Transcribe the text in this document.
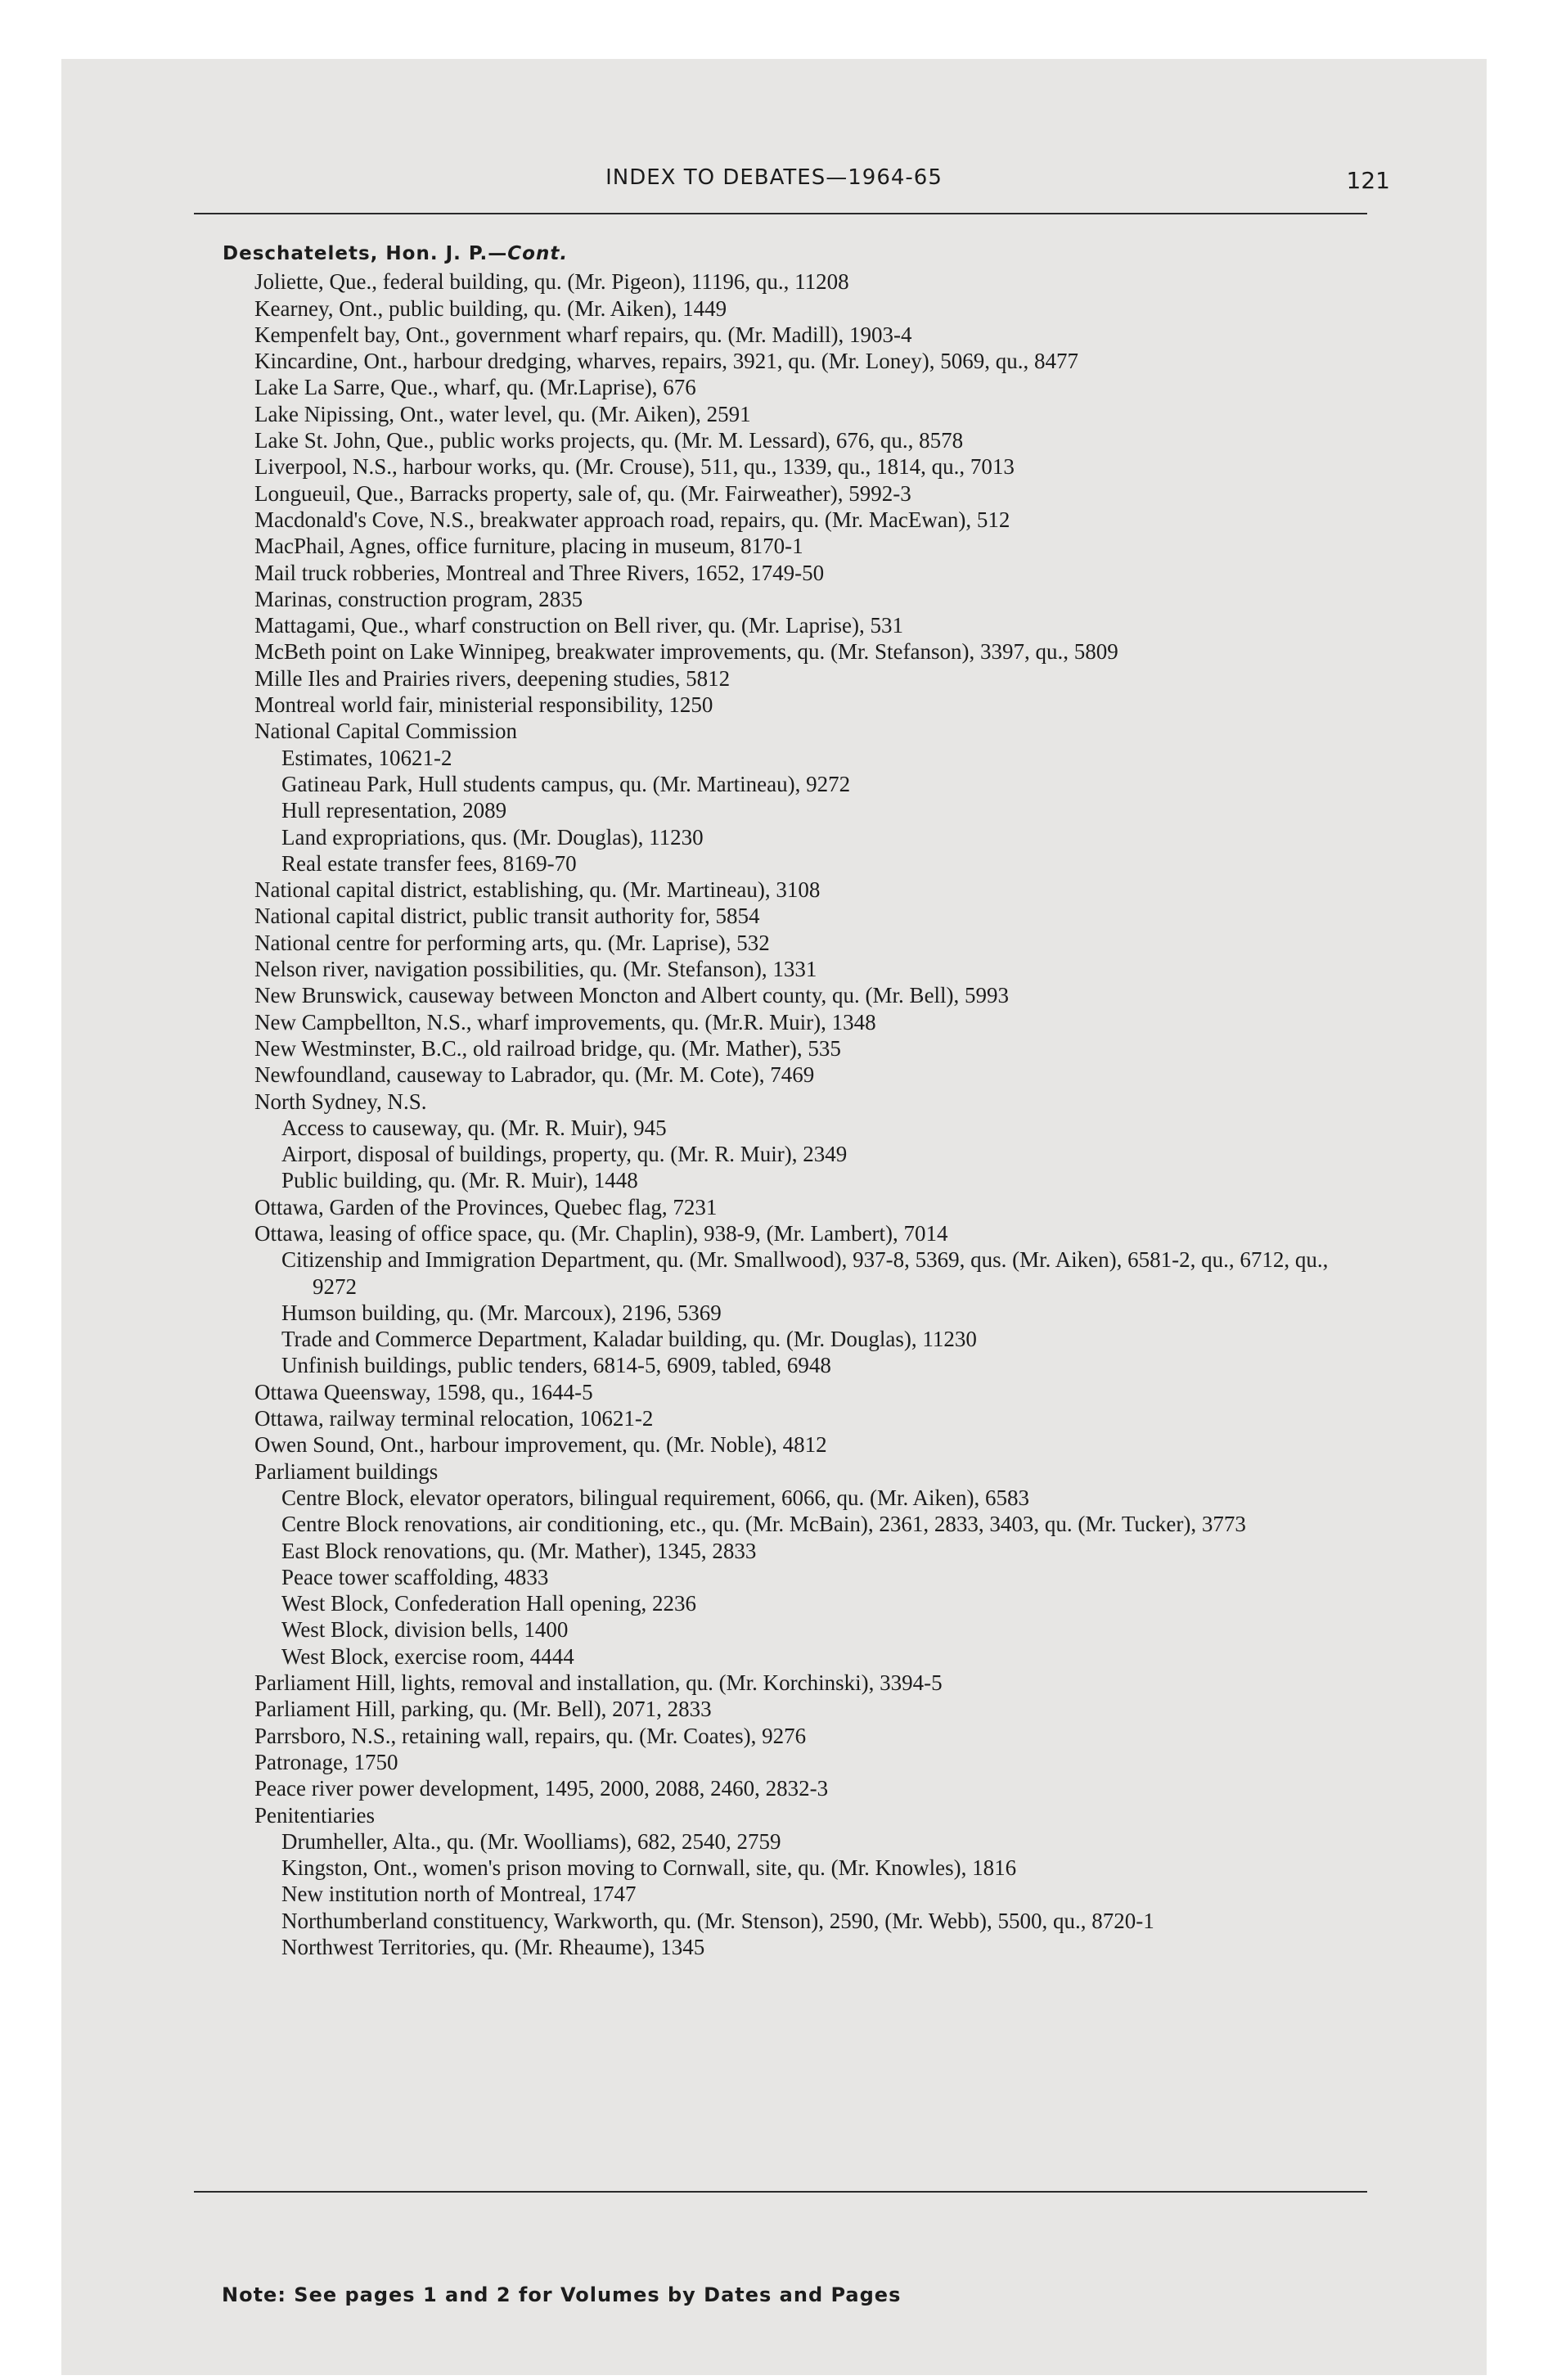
INDEX TO DEBATES—1964-65	121
Deschatelets, Hon. J. P.—Cont.
Joliette, Que., federal building, qu. (Mr. Pigeon), 11196, qu., 11208
Kearney, Ont., public building, qu. (Mr. Aiken), 1449
Kempenfelt bay, Ont., government wharf repairs, qu. (Mr. Madill), 1903-4
Kincardine, Ont., harbour dredging, wharves, repairs, 3921, qu. (Mr. Loney), 5069, qu., 8477
Lake La Sarre, Que., wharf, qu. (Mr.Laprise), 676
Lake Nipissing, Ont., water level, qu. (Mr. Aiken), 2591
Lake St. John, Que., public works projects, qu. (Mr. M. Lessard), 676, qu., 8578
Liverpool, N.S., harbour works, qu. (Mr. Crouse), 511, qu., 1339, qu., 1814, qu., 7013
Longueuil, Que., Barracks property, sale of, qu. (Mr. Fairweather), 5992-3
Macdonald's Cove, N.S., breakwater approach road, repairs, qu. (Mr. MacEwan), 512
MacPhail, Agnes, office furniture, placing in museum, 8170-1
Mail truck robberies, Montreal and Three Rivers, 1652, 1749-50
Marinas, construction program, 2835
Mattagami, Que., wharf construction on Bell river, qu. (Mr. Laprise), 531
McBeth point on Lake Winnipeg, breakwater improvements, qu. (Mr. Stefanson), 3397, qu., 5809
Mille Iles and Prairies rivers, deepening studies, 5812
Montreal world fair, ministerial responsibility, 1250
National Capital Commission
Estimates, 10621-2
Gatineau Park, Hull students campus, qu. (Mr. Martineau), 9272
Hull representation, 2089
Land expropriations, qus. (Mr. Douglas), 11230
Real estate transfer fees, 8169-70
National capital district, establishing, qu. (Mr. Martineau), 3108
National capital district, public transit authority for, 5854
National centre for performing arts, qu. (Mr. Laprise), 532
Nelson river, navigation possibilities, qu. (Mr. Stefanson), 1331
New Brunswick, causeway between Moncton and Albert county, qu. (Mr. Bell), 5993
New Campbellton, N.S., wharf improvements, qu. (Mr.R. Muir), 1348
New Westminster, B.C., old railroad bridge, qu. (Mr. Mather), 535
Newfoundland, causeway to Labrador, qu. (Mr. M. Cote), 7469
North Sydney, N.S.
Access to causeway, qu. (Mr. R. Muir), 945
Airport, disposal of buildings, property, qu. (Mr. R. Muir), 2349
Public building, qu. (Mr. R. Muir), 1448
Ottawa, Garden of the Provinces, Quebec flag, 7231
Ottawa, leasing of office space, qu. (Mr. Chaplin), 938-9, (Mr. Lambert), 7014
Citizenship and Immigration Department, qu. (Mr. Smallwood), 937-8, 5369, qus. (Mr. Aiken), 6581-2, qu., 6712, qu., 9272
Humson building, qu. (Mr. Marcoux), 2196, 5369
Trade and Commerce Department, Kaladar building, qu. (Mr. Douglas), 11230
Unfinish buildings, public tenders, 6814-5, 6909, tabled, 6948
Ottawa Queensway, 1598, qu., 1644-5
Ottawa, railway terminal relocation, 10621-2
Owen Sound, Ont., harbour improvement, qu. (Mr. Noble), 4812
Parliament buildings
Centre Block, elevator operators, bilingual requirement, 6066, qu. (Mr. Aiken), 6583
Centre Block renovations, air conditioning, etc., qu. (Mr. McBain), 2361, 2833, 3403, qu. (Mr. Tucker), 3773
East Block renovations, qu. (Mr. Mather), 1345, 2833
Peace tower scaffolding, 4833
West Block, Confederation Hall opening, 2236
West Block, division bells, 1400
West Block, exercise room, 4444
Parliament Hill, lights, removal and installation, qu. (Mr. Korchinski), 3394-5
Parliament Hill, parking, qu. (Mr. Bell), 2071, 2833
Parrsboro, N.S., retaining wall, repairs, qu. (Mr. Coates), 9276
Patronage, 1750
Peace river power development, 1495, 2000, 2088, 2460, 2832-3
Penitentiaries
Drumheller, Alta., qu. (Mr. Woolliams), 682, 2540, 2759
Kingston, Ont., women's prison moving to Cornwall, site, qu. (Mr. Knowles), 1816
New institution north of Montreal, 1747
Northumberland constituency, Warkworth, qu. (Mr. Stenson), 2590, (Mr. Webb), 5500, qu., 8720-1
Northwest Territories, qu. (Mr. Rheaume), 1345
Note: See pages 1 and 2 for Volumes by Dates and Pages
